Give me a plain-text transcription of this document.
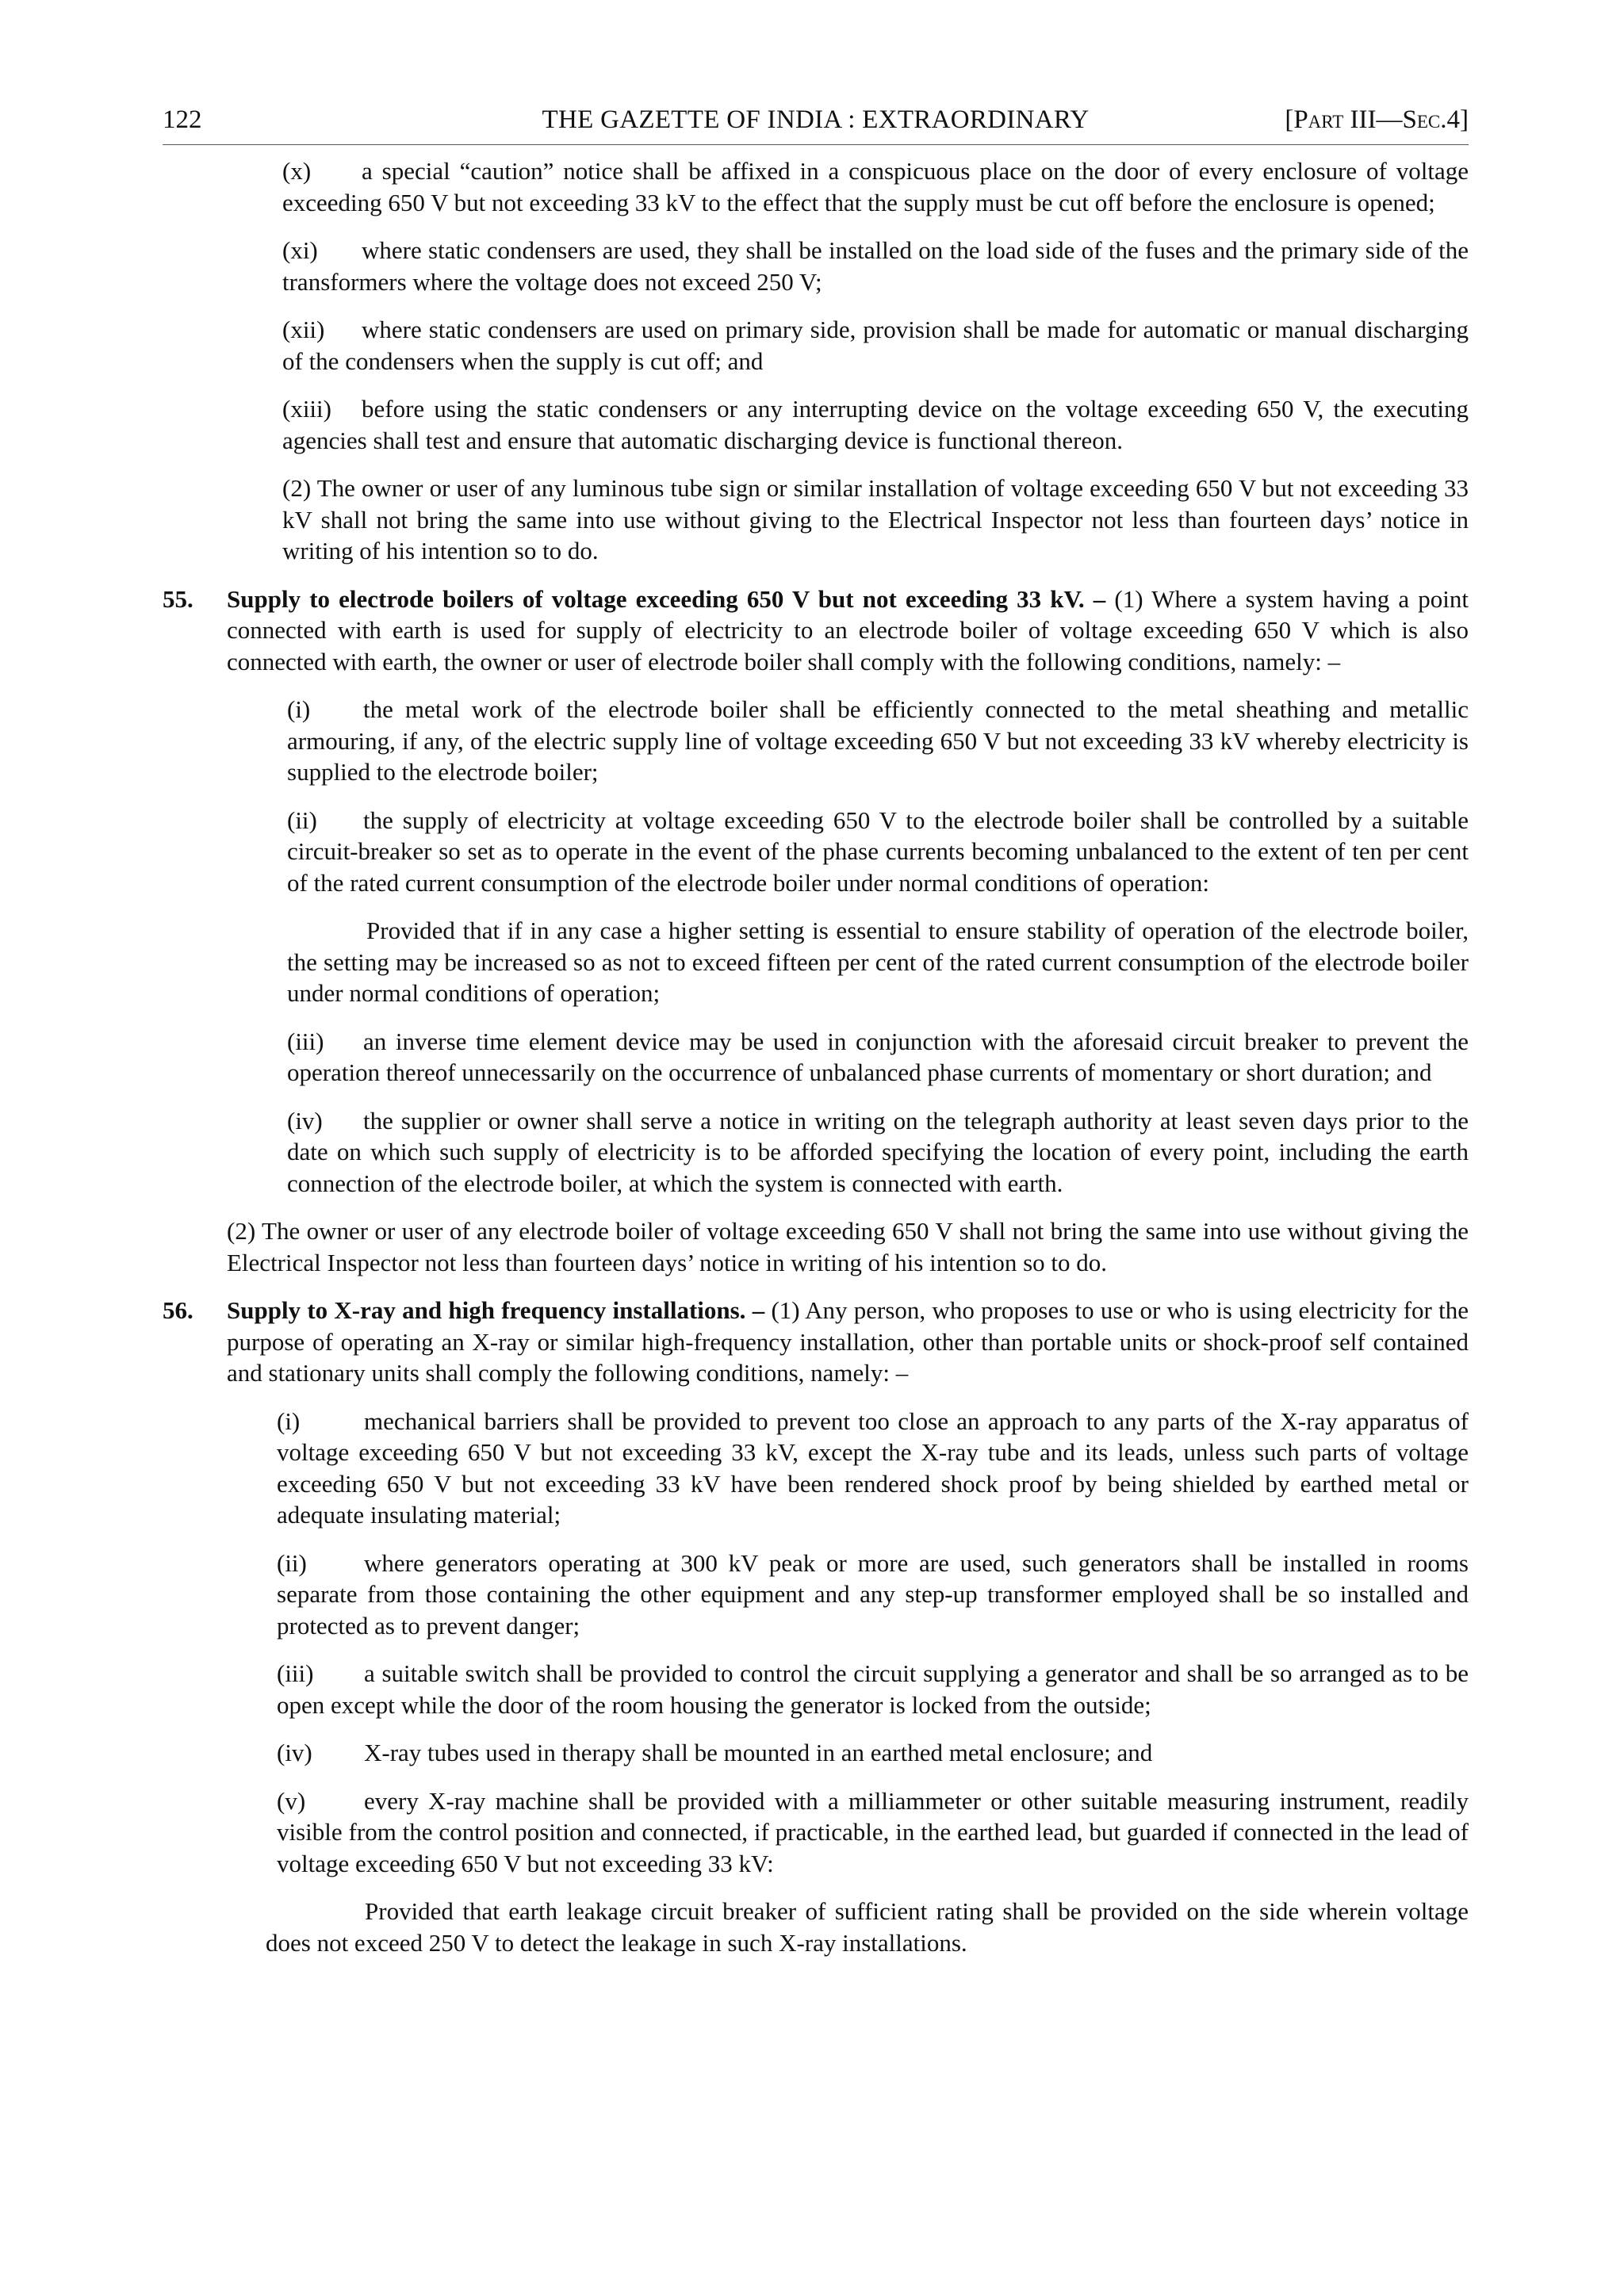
122	THE GAZETTE OF INDIA : EXTRAORDINARY	[Part III—Sec.4]
(x) a special “caution” notice shall be affixed in a conspicuous place on the door of every enclosure of voltage exceeding 650 V but not exceeding 33 kV to the effect that the supply must be cut off before the enclosure is opened;
(xi) where static condensers are used, they shall be installed on the load side of the fuses and the primary side of the transformers where the voltage does not exceed 250 V;
(xii) where static condensers are used on primary side, provision shall be made for automatic or manual discharging of the condensers when the supply is cut off; and
(xiii) before using the static condensers or any interrupting device on the voltage exceeding 650 V, the executing agencies shall test and ensure that automatic discharging device is functional thereon.
(2) The owner or user of any luminous tube sign or similar installation of voltage exceeding 650 V but not exceeding 33 kV shall not bring the same into use without giving to the Electrical Inspector not less than fourteen days’ notice in writing of his intention so to do.
55. Supply to electrode boilers of voltage exceeding 650 V but not exceeding 33 kV. – (1) Where a system having a point connected with earth is used for supply of electricity to an electrode boiler of voltage exceeding 650 V which is also connected with earth, the owner or user of electrode boiler shall comply with the following conditions, namely: –
(i) the metal work of the electrode boiler shall be efficiently connected to the metal sheathing and metallic armouring, if any, of the electric supply line of voltage exceeding 650 V but not exceeding 33 kV whereby electricity is supplied to the electrode boiler;
(ii) the supply of electricity at voltage exceeding 650 V to the electrode boiler shall be controlled by a suitable circuit-breaker so set as to operate in the event of the phase currents becoming unbalanced to the extent of ten per cent of the rated current consumption of the electrode boiler under normal conditions of operation:
Provided that if in any case a higher setting is essential to ensure stability of operation of the electrode boiler, the setting may be increased so as not to exceed fifteen per cent of the rated current consumption of the electrode boiler under normal conditions of operation;
(iii) an inverse time element device may be used in conjunction with the aforesaid circuit breaker to prevent the operation thereof unnecessarily on the occurrence of unbalanced phase currents of momentary or short duration; and
(iv) the supplier or owner shall serve a notice in writing on the telegraph authority at least seven days prior to the date on which such supply of electricity is to be afforded specifying the location of every point, including the earth connection of the electrode boiler, at which the system is connected with earth.
(2) The owner or user of any electrode boiler of voltage exceeding 650 V shall not bring the same into use without giving the Electrical Inspector not less than fourteen days’ notice in writing of his intention so to do.
56. Supply to X-ray and high frequency installations. – (1) Any person, who proposes to use or who is using electricity for the purpose of operating an X-ray or similar high-frequency installation, other than portable units or shock-proof self contained and stationary units shall comply the following conditions, namely: –
(i)	mechanical barriers shall be provided to prevent too close an approach to any parts of the X-ray apparatus of voltage exceeding 650 V but not exceeding 33 kV, except the X-ray tube and its leads, unless such parts of voltage exceeding 650 V but not exceeding 33 kV have been rendered shock proof by being shielded by earthed metal or adequate insulating material;
(ii) where generators operating at 300 kV peak or more are used, such generators shall be installed in rooms separate from those containing the other equipment and any step-up transformer employed shall be so installed and protected as to prevent danger;
(iii) a suitable switch shall be provided to control the circuit supplying a generator and shall be so arranged as to be open except while the door of the room housing the generator is locked from the outside;
(iv) X-ray tubes used in therapy shall be mounted in an earthed metal enclosure; and
(v) every X-ray machine shall be provided with a milliammeter or other suitable measuring instrument, readily visible from the control position and connected, if practicable, in the earthed lead, but guarded if connected in the lead of voltage exceeding 650 V but not exceeding 33 kV:
Provided that earth leakage circuit breaker of sufficient rating shall be provided on the side wherein voltage does not exceed 250 V to detect the leakage in such X-ray installations.
